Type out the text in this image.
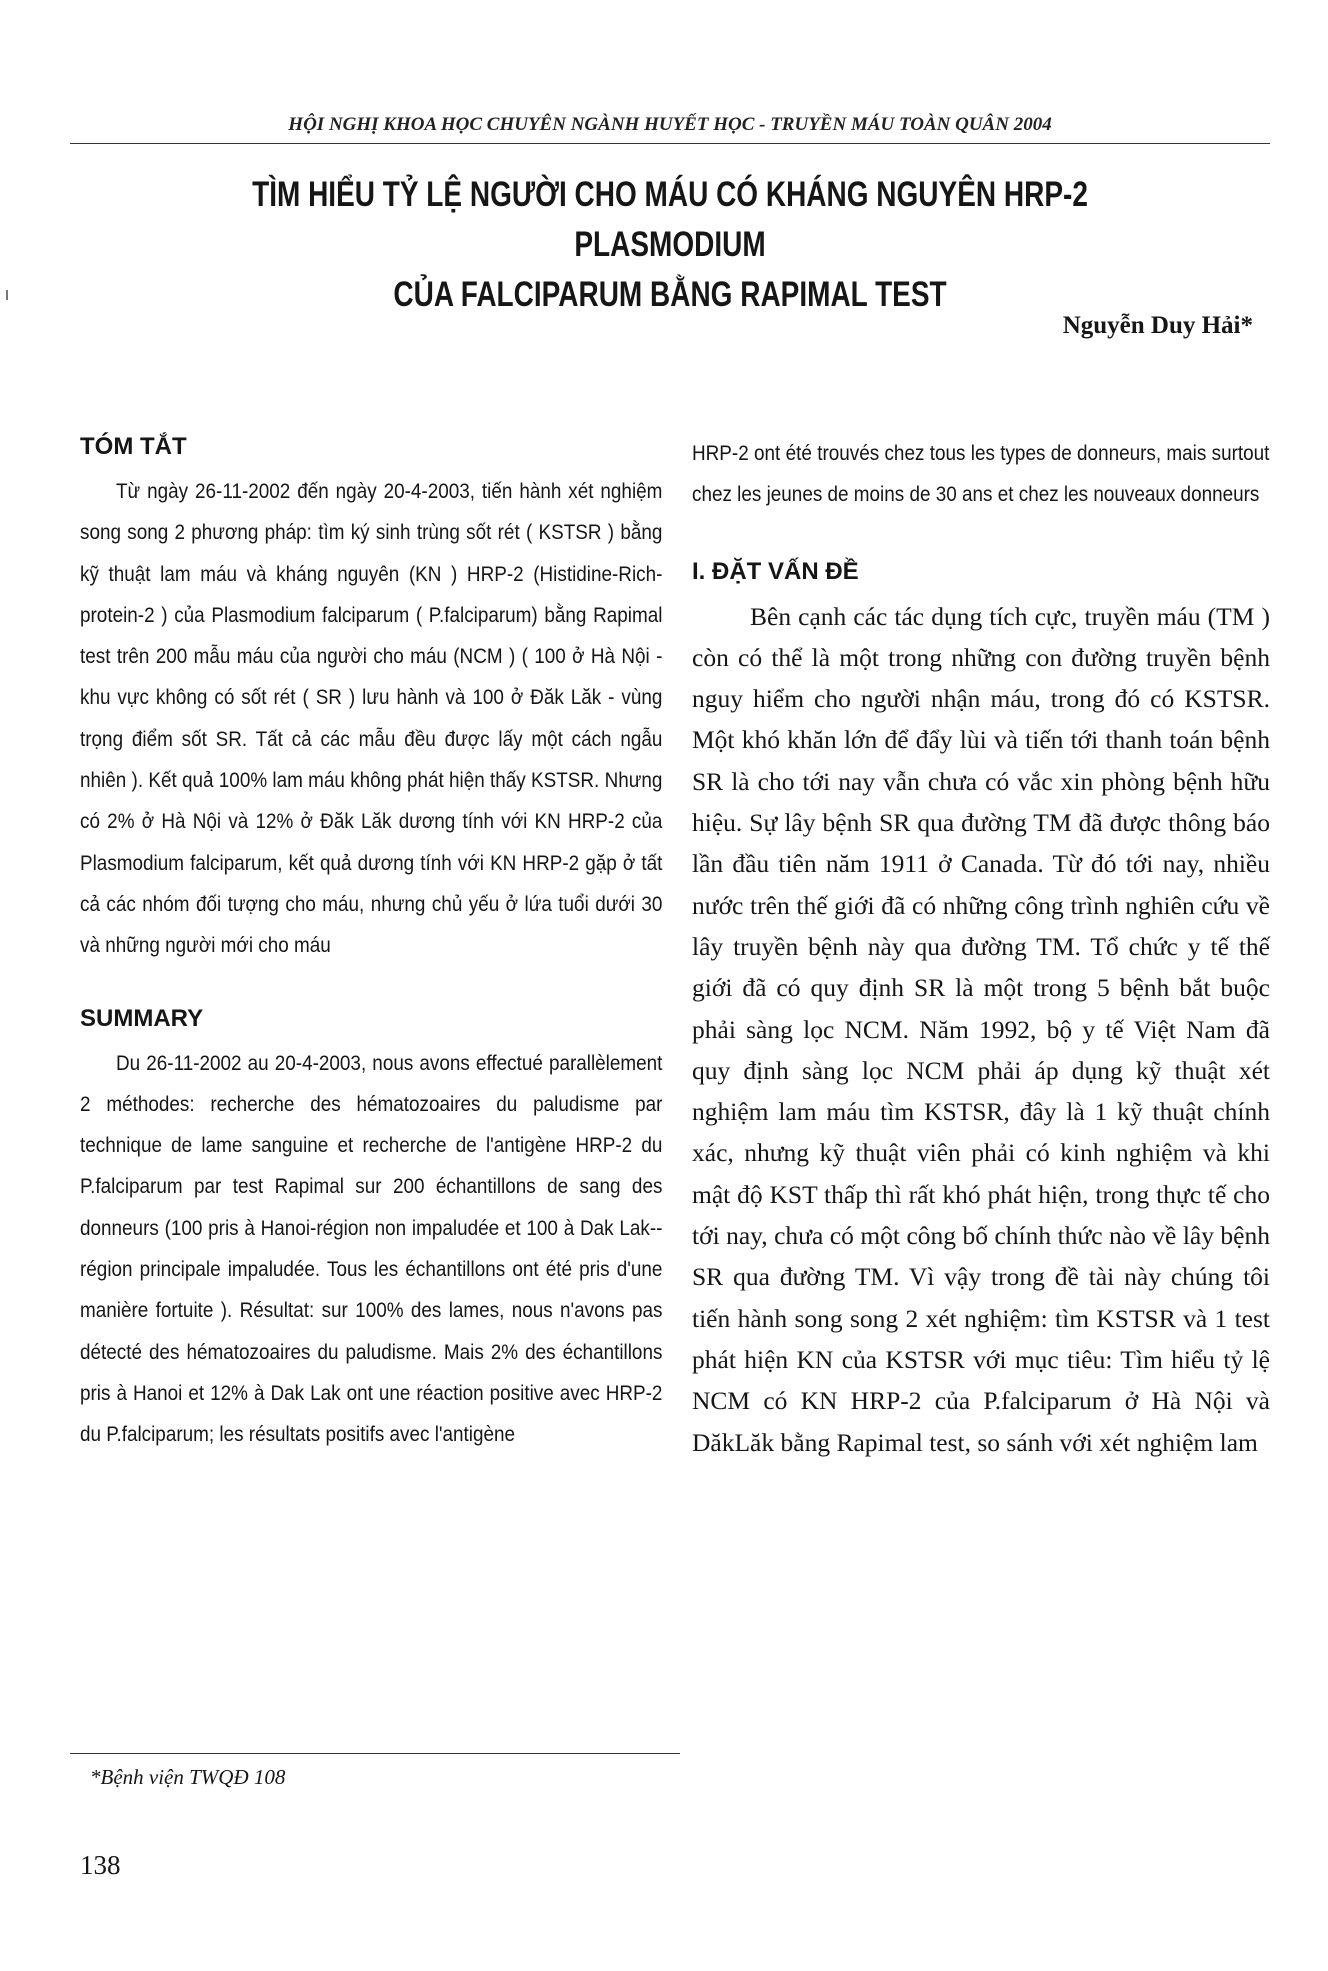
HỘI NGHỊ KHOA HỌC CHUYÊN NGÀNH HUYẾT HỌC - TRUYỀN MÁU TOÀN QUÂN 2004
TÌM HIỂU TỶ LỆ NGƯỜI CHO MÁU CÓ KHÁNG NGUYÊN HRP-2 PLASMODIUM
CỦA FALCIPARUM BẰNG RAPIMAL TEST
Nguyễn Duy Hải*
TÓM TẮT

Từ ngày 26-11-2002 đến ngày 20-4-2003, tiến hành xét nghiệm song song 2 phương pháp: tìm ký sinh trùng sốt rét ( KSTSR ) bằng kỹ thuật lam máu và kháng nguyên (KN ) HRP-2 (Histidine-Rich-protein-2 ) của Plasmodium falciparum ( P.falciparum) bằng Rapimal test trên 200 mẫu máu của người cho máu (NCM ) ( 100 ở Hà Nội - khu vực không có sốt rét ( SR ) lưu hành và 100 ở Đăk Lăk - vùng trọng điểm sốt SR. Tất cả các mẫu đều được lấy một cách ngẫu nhiên ). Kết quả 100% lam máu không phát hiện thấy KSTSR. Nhưng có 2% ở Hà Nội và 12% ở Đăk Lăk dương tính với KN HRP-2 của Plasmodium falciparum, kết quả dương tính với KN HRP-2 gặp ở tất cả các nhóm đối tượng cho máu, nhưng chủ yếu ở lứa tuổi dưới 30 và những người mới cho máu

SUMMARY

Du 26-11-2002 au 20-4-2003, nous avons effectué parallèlement 2 méthodes: recherche des hématozoaires du paludisme par technique de lame sanguine et recherche de l'antigène HRP-2 du P.falciparum par test Rapimal sur 200 échantillons de sang des donneurs (100 pris à Hanoi-région non impaludée et 100 à Dak Lak--région principale impaludée. Tous les échantillons ont été pris d'une manière fortuite ). Résultat: sur 100% des lames, nous n'avons pas détecté des hématozoaires du paludisme. Mais 2% des échantillons pris à Hanoi et 12% à Dak Lak ont une réaction positive avec HRP-2 du P.falciparum; les résultats positifs avec l'antigène

HRP-2 ont été trouvés chez tous les types de donneurs, mais surtout chez les jeunes de moins de 30 ans et chez les nouveaux donneurs

I. ĐẶT VẤN ĐỀ

Bên cạnh các tác dụng tích cực, truyền máu (TM ) còn có thể là một trong những con đường truyền bệnh nguy hiểm cho người nhận máu, trong đó có KSTSR. Một khó khăn lớn để đẩy lùi và tiến tới thanh toán bệnh SR là cho tới nay vẫn chưa có vắc xin phòng bệnh hữu hiệu. Sự lây bệnh SR qua đường TM đã được thông báo lần đầu tiên năm 1911 ở Canada. Từ đó tới nay, nhiều nước trên thế giới đã có những công trình nghiên cứu về lây truyền bệnh này qua đường TM. Tổ chức y tế thế giới đã có quy định SR là một trong 5 bệnh bắt buộc phải sàng lọc NCM. Năm 1992, bộ y tế Việt Nam đã quy định sàng lọc NCM phải áp dụng kỹ thuật xét nghiệm lam máu tìm KSTSR, đây là 1 kỹ thuật chính xác, nhưng kỹ thuật viên phải có kinh nghiệm và khi mật độ KST thấp thì rất khó phát hiện, trong thực tế cho tới nay, chưa có một công bố chính thức nào về lây bệnh SR qua đường TM. Vì vậy trong đề tài này chúng tôi tiến hành song song 2 xét nghiệm: tìm KSTSR và 1 test phát hiện KN của KSTSR với mục tiêu: Tìm hiểu tỷ lệ NCM có KN HRP-2 của P.falciparum ở Hà Nội và DăkLăk bằng Rapimal test, so sánh với xét nghiệm lam

*Bệnh viện TWQĐ 108
138
